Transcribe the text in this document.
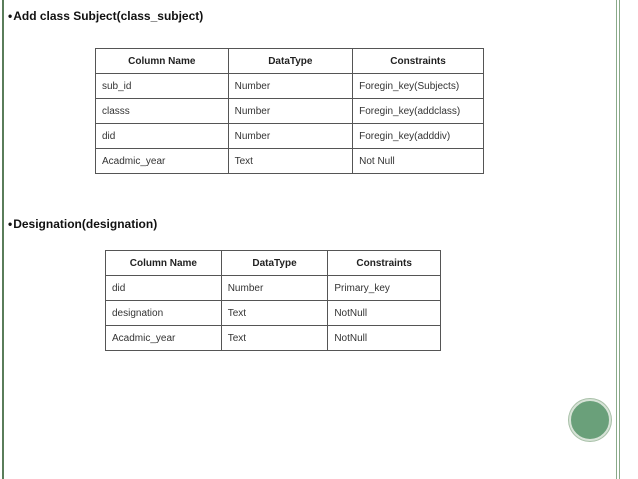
•Add class Subject(class_subject)
Column Name	DataType	Constraints
sub_id	Number	Foregin_key(Subjects)
classs	Number	Foregin_key(addclass)
did	Number	Foregin_key(adddiv)
Acadmic_year	Text	Not Null
•Designation(designation)
Column Name	DataType	Constraints
did	Number	Primary_key
designation	Text	NotNull
Acadmic_year	Text	NotNull
